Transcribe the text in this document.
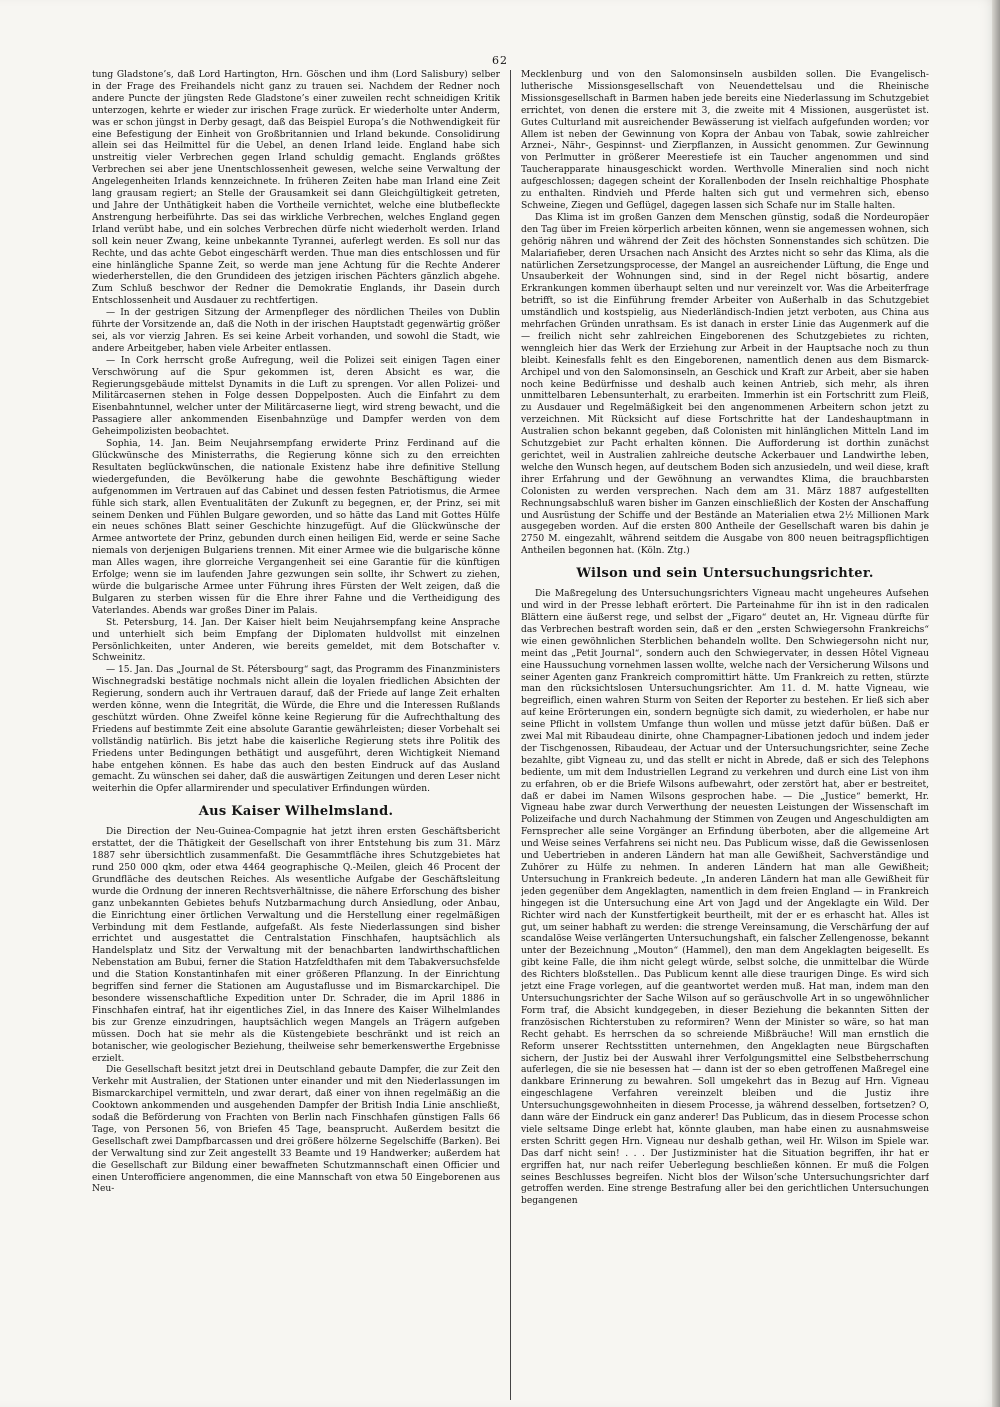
62

tung Gladstone’s, daß Lord Hartington, Hrn. Göschen und ihm (Lord Salisbury) selber in der Frage des Freihandels nicht ganz zu trauen sei. Nachdem der Redner noch andere Puncte der jüngsten Rede Gladstone’s einer zuweilen recht schneidigen Kritik unterzogen, kehrte er wieder zur irischen Frage zurück. Er wiederholte unter Anderm, was er schon jüngst in Derby gesagt, daß das Beispiel Europa’s die Nothwendigkeit für eine Befestigung der Einheit von Großbritannien und Irland bekunde. Consolidirung allein sei das Heilmittel für die Uebel, an denen Irland leide. England habe sich unstreitig vieler Verbrechen gegen Irland schuldig gemacht. Englands größtes Verbrechen sei aber jene Unentschlossenheit gewesen, welche seine Verwaltung der Angelegenheiten Irlands kennzeichnete. In früheren Zeiten habe man Irland eine Zeit lang grausam regiert; an Stelle der Grausamkeit sei dann Gleichgültigkeit getreten, und Jahre der Unthätigkeit haben die Vortheile vernichtet, welche eine blutbefleckte Anstrengung herbeiführte. Das sei das wirkliche Verbrechen, welches England gegen Irland verübt habe, und ein solches Verbrechen dürfe nicht wiederholt werden. Irland soll kein neuer Zwang, keine unbekannte Tyrannei, auferlegt werden. Es soll nur das Rechte, und das achte Gebot eingeschärft werden. Thue man dies entschlossen und für eine hinlängliche Spanne Zeit, so werde man jene Achtung für die Rechte Anderer wiederherstellen, die den Grundideen des jetzigen irischen Pächters gänzlich abgehe. Zum Schluß beschwor der Redner die Demokratie Englands, ihr Dasein durch Entschlossenheit und Ausdauer zu rechtfertigen.

— In der gestrigen Sitzung der Armenpfleger des nördlichen Theiles von Dublin führte der Vorsitzende an, daß die Noth in der irischen Hauptstadt gegenwärtig größer sei, als vor vierzig Jahren. Es sei keine Arbeit vorhanden, und sowohl die Stadt, wie andere Arbeitgeber, haben viele Arbeiter entlassen.

— In Cork herrscht große Aufregung, weil die Polizei seit einigen Tagen einer Verschwörung auf die Spur gekommen ist, deren Absicht es war, die Regierungsgebäude mittelst Dynamits in die Luft zu sprengen. Vor allen Polizei- und Militärcasernen stehen in Folge dessen Doppelposten. Auch die Einfahrt zu dem Eisenbahntunnel, welcher unter der Militärcaserne liegt, wird streng bewacht, und die Passagiere aller ankommenden Eisenbahnzüge und Dampfer werden von dem Geheimpolizisten beobachtet.

Sophia, 14. Jan. Beim Neujahrsempfang erwiderte Prinz Ferdinand auf die Glückwünsche des Ministerraths, die Regierung könne sich zu den erreichten Resultaten beglückwünschen, die nationale Existenz habe ihre definitive Stellung wiedergefunden, die Bevölkerung habe die gewohnte Beschäftigung wieder aufgenommen im Vertrauen auf das Cabinet und dessen festen Patriotismus, die Armee fühle sich stark, allen Eventualitäten der Zukunft zu begegnen, er, der Prinz, sei mit seinem Denken und Fühlen Bulgare geworden, und so hätte das Land mit Gottes Hülfe ein neues schönes Blatt seiner Geschichte hinzugefügt. Auf die Glückwünsche der Armee antwortete der Prinz, gebunden durch einen heiligen Eid, werde er seine Sache niemals von derjenigen Bulgariens trennen. Mit einer Armee wie die bulgarische könne man Alles wagen, ihre glorreiche Vergangenheit sei eine Garantie für die künftigen Erfolge; wenn sie im laufenden Jahre gezwungen sein sollte, ihr Schwert zu ziehen, würde die bulgarische Armee unter Führung ihres Fürsten der Welt zeigen, daß die Bulgaren zu sterben wissen für die Ehre ihrer Fahne und die Vertheidigung des Vaterlandes. Abends war großes Diner im Palais.

St. Petersburg, 14. Jan. Der Kaiser hielt beim Neujahrsempfang keine Ansprache und unterhielt sich beim Empfang der Diplomaten huldvollst mit einzelnen Persönlichkeiten, unter Anderen, wie bereits gemeldet, mit dem Botschafter v. Schweinitz.

— 15. Jan. Das „Journal de St. Pétersbourg“ sagt, das Programm des Finanzministers Wischnegradski bestätige nochmals nicht allein die loyalen friedlichen Absichten der Regierung, sondern auch ihr Vertrauen darauf, daß der Friede auf lange Zeit erhalten werden könne, wenn die Integrität, die Würde, die Ehre und die Interessen Rußlands geschützt würden. Ohne Zweifel könne keine Regierung für die Aufrechthaltung des Friedens auf bestimmte Zeit eine absolute Garantie gewährleisten; dieser Vorbehalt sei vollständig natürlich. Bis jetzt habe die kaiserliche Regierung stets ihre Politik des Friedens unter Bedingungen bethätigt und ausgeführt, deren Wichtigkeit Niemand habe entgehen können. Es habe das auch den besten Eindruck auf das Ausland gemacht. Zu wünschen sei daher, daß die auswärtigen Zeitungen und deren Leser nicht weiterhin die Opfer allarmirender und speculativer Erfindungen würden.

Aus Kaiser Wilhelmsland.

Die Direction der Neu-Guinea-Compagnie hat jetzt ihren ersten Geschäftsbericht erstattet, der die Thätigkeit der Gesellschaft von ihrer Entstehung bis zum 31. März 1887 sehr übersichtlich zusammenfaßt. Die Gesammtfläche ihres Schutzgebietes hat rund 250 000 qkm, oder etwa 4464 geographische Q.-Meilen, gleich 46 Procent der Grundfläche des deutschen Reiches. Als wesentliche Aufgabe der Geschäftsleitung wurde die Ordnung der inneren Rechtsverhältnisse, die nähere Erforschung des bisher ganz unbekannten Gebietes behufs Nutzbarmachung durch Ansiedlung, oder Anbau, die Einrichtung einer örtlichen Verwaltung und die Herstellung einer regelmäßigen Verbindung mit dem Festlande, aufgefaßt. Als feste Niederlassungen sind bisher errichtet und ausgestattet die Centralstation Finschhafen, hauptsächlich als Handelsplatz und Sitz der Verwaltung mit der benachbarten landwirthschaftlichen Nebenstation am Bubui, ferner die Station Hatzfeldthafen mit dem Tabakversuchsfelde und die Station Konstantinhafen mit einer größeren Pflanzung. In der Einrichtung begriffen sind ferner die Stationen am Augustaflusse und im Bismarckarchipel. Die besondere wissenschaftliche Expedition unter Dr. Schrader, die im April 1886 in Finschhafen eintraf, hat ihr eigentliches Ziel, in das Innere des Kaiser Wilhelmlandes bis zur Grenze einzudringen, hauptsächlich wegen Mangels an Trägern aufgeben müssen. Doch hat sie mehr als die Küstengebiete beschränkt und ist reich an botanischer, wie geologischer Beziehung, theilweise sehr bemerkenswerthe Ergebnisse erzielt.

Die Gesellschaft besitzt jetzt drei in Deutschland gebaute Dampfer, die zur Zeit den Verkehr mit Australien, der Stationen unter einander und mit den Niederlassungen im Bismarckarchipel vermitteln, und zwar derart, daß einer von ihnen regelmäßig an die Cooktown ankommenden und ausgehenden Dampfer der British India Linie anschließt, sodaß die Beförderung von Frachten von Berlin nach Finschhafen günstigen Falls 66 Tage, von Personen 56, von Briefen 45 Tage, beansprucht. Außerdem besitzt die Gesellschaft zwei Dampfbarcassen und drei größere hölzerne Segelschiffe (Barken). Bei der Verwaltung sind zur Zeit angestellt 33 Beamte und 19 Handwerker; außerdem hat die Gesellschaft zur Bildung einer bewaffneten Schutzmannschaft einen Officier und einen Unterofficiere angenommen, die eine Mannschaft von etwa 50 Eingeborenen aus Neu-

Mecklenburg und von den Salomonsinseln ausbilden sollen. Die Evangelisch-lutherische Missionsgesellschaft von Neuendettelsau und die Rheinische Missionsgesellschaft in Barmen haben jede bereits eine Niederlassung im Schutzgebiet errichtet, von denen die erstere mit 3, die zweite mit 4 Missionen, ausgerüstet ist. Gutes Culturland mit ausreichender Bewässerung ist vielfach aufgefunden worden; vor Allem ist neben der Gewinnung von Kopra der Anbau von Tabak, sowie zahlreicher Arznei-, Nähr-, Gespinnst- und Zierpflanzen, in Aussicht genommen. Zur Gewinnung von Perlmutter in größerer Meerestiefe ist ein Taucher angenommen und sind Taucherapparate hinausgeschickt worden. Werthvolle Mineralien sind noch nicht aufgeschlossen; dagegen scheint der Korallenboden der Inseln reichhaltige Phosphate zu enthalten. Rindvieh und Pferde halten sich gut und vermehren sich, ebenso Schweine, Ziegen und Geflügel, dagegen lassen sich Schafe nur im Stalle halten.

Das Klima ist im großen Ganzen dem Menschen günstig, sodaß die Nordeuropäer den Tag über im Freien körperlich arbeiten können, wenn sie angemessen wohnen, sich gehörig nähren und während der Zeit des höchsten Sonnenstandes sich schützen. Die Malariafieber, deren Ursachen nach Ansicht des Arztes nicht so sehr das Klima, als die natürlichen Zersetzungsprocesse, der Mangel an ausreichender Lüftung, die Enge und Unsauberkeit der Wohnungen sind, sind in der Regel nicht bösartig, andere Erkrankungen kommen überhaupt selten und nur vereinzelt vor. Was die Arbeiterfrage betrifft, so ist die Einführung fremder Arbeiter von Außerhalb in das Schutzgebiet umständlich und kostspielig, aus Niederländisch-Indien jetzt verboten, aus China aus mehrfachen Gründen unrathsam. Es ist danach in erster Linie das Augenmerk auf die — freilich nicht sehr zahlreichen Eingeborenen des Schutzgebietes zu richten, wenngleich hier das Werk der Erziehung zur Arbeit in der Hauptsache noch zu thun bleibt. Keinesfalls fehlt es den Eingeborenen, namentlich denen aus dem Bismarck-Archipel und von den Salomonsinseln, an Geschick und Kraft zur Arbeit, aber sie haben noch keine Bedürfnisse und deshalb auch keinen Antrieb, sich mehr, als ihren unmittelbaren Lebensunterhalt, zu erarbeiten. Immerhin ist ein Fortschritt zum Fleiß, zu Ausdauer und Regelmäßigkeit bei den angenommenen Arbeitern schon jetzt zu verzeichnen. Mit Rücksicht auf diese Fortschritte hat der Landeshauptmann in Australien schon bekannt gegeben, daß Colonisten mit hinlänglichen Mitteln Land im Schutzgebiet zur Pacht erhalten können. Die Aufforderung ist dorthin zunächst gerichtet, weil in Australien zahlreiche deutsche Ackerbauer und Landwirthe leben, welche den Wunsch hegen, auf deutschem Boden sich anzusiedeln, und weil diese, kraft ihrer Erfahrung und der Gewöhnung an verwandtes Klima, die brauchbarsten Colonisten zu werden versprechen. Nach dem am 31. März 1887 aufgestellten Rechnungsabschluß waren bisher im Ganzen einschließlich der Kosten der Anschaffung und Ausrüstung der Schiffe und der Bestände an Materialien etwa 2½ Millionen Mark ausgegeben worden. Auf die ersten 800 Antheile der Gesellschaft waren bis dahin je 2750 M. eingezahlt, während seitdem die Ausgabe von 800 neuen beitragspflichtigen Antheilen begonnen hat. (Köln. Ztg.)

Wilson und sein Untersuchungsrichter.

Die Maßregelung des Untersuchungsrichters Vigneau macht ungeheures Aufsehen und wird in der Presse lebhaft erörtert. Die Parteinahme für ihn ist in den radicalen Blättern eine äußerst rege, und selbst der „Figaro“ deutet an, Hr. Vigneau dürfte für das Verbrechen bestraft worden sein, daß er den „ersten Schwiegersohn Frankreichs“ wie einen gewöhnlichen Sterblichen behandeln wollte. Den Schwiegersohn nicht nur, meint das „Petit Journal“, sondern auch den Schwiegervater, in dessen Hôtel Vigneau eine Haussuchung vornehmen lassen wollte, welche nach der Versicherung Wilsons und seiner Agenten ganz Frankreich compromittirt hätte. Um Frankreich zu retten, stürzte man den rücksichtslosen Untersuchungsrichter. Am 11. d. M. hatte Vigneau, wie begreiflich, einen wahren Sturm von Seiten der Reporter zu bestehen. Er ließ sich aber auf keine Erörterungen ein, sondern begnügte sich damit, zu wiederholen, er habe nur seine Pflicht in vollstem Umfange thun wollen und müsse jetzt dafür büßen. Daß er zwei Mal mit Ribaudeau dinirte, ohne Champagner-Libationen jedoch und indem jeder der Tischgenossen, Ribaudeau, der Actuar und der Untersuchungsrichter, seine Zeche bezahlte, gibt Vigneau zu, und das stellt er nicht in Abrede, daß er sich des Telephons bediente, um mit dem Industriellen Legrand zu verkehren und durch eine List von ihm zu erfahren, ob er die Briefe Wilsons aufbewahrt, oder zerstört hat, aber er bestreitet, daß er dabei im Namen Wilsons gesprochen habe. — Die „Justice“ bemerkt, Hr. Vigneau habe zwar durch Verwerthung der neuesten Leistungen der Wissenschaft im Polizeifache und durch Nachahmung der Stimmen von Zeugen und Angeschuldigten am Fernsprecher alle seine Vorgänger an Erfindung überboten, aber die allgemeine Art und Weise seines Verfahrens sei nicht neu. Das Publicum wisse, daß die Gewissenlosen und Uebertrieben in anderen Ländern hat man alle Gewißheit, Sachverständige und Zuhörer zu Hülfe zu nehmen. In anderen Ländern hat man alle Gewißheit; Untersuchung in Frankreich bedeute. „In anderen Ländern hat man alle Gewißheit für jeden gegenüber dem Angeklagten, namentlich in dem freien England — in Frankreich hingegen ist die Untersuchung eine Art von Jagd und der Angeklagte ein Wild. Der Richter wird nach der Kunstfertigkeit beurtheilt, mit der er es erhascht hat. Alles ist gut, um seiner habhaft zu werden: die strenge Vereinsamung, die Verschärfung der auf scandalöse Weise verlängerten Untersuchungshaft, ein falscher Zellengenosse, bekannt unter der Bezeichnung „Mouton“ (Hammel), den man dem Angeklagten beigesellt. Es gibt keine Falle, die ihm nicht gelegt würde, selbst solche, die unmittelbar die Würde des Richters bloßstellen.. Das Publicum kennt alle diese traurigen Dinge. Es wird sich jetzt eine Frage vorlegen, auf die geantwortet werden muß. Hat man, indem man den Untersuchungsrichter der Sache Wilson auf so geräuschvolle Art in so ungewöhnlicher Form traf, die Absicht kundgegeben, in dieser Beziehung die bekannten Sitten der französischen Richterstuben zu reformiren? Wenn der Minister so wäre, so hat man Recht gehabt. Es herrschen da so schreiende Mißbräuche! Will man ernstlich die Reform unserer Rechtsstitten unternehmen, den Angeklagten neue Bürgschaften sichern, der Justiz bei der Auswahl ihrer Verfolgungsmittel eine Selbstbeherrschung auferlegen, die sie nie besessen hat — dann ist der so eben getroffenen Maßregel eine dankbare Erinnerung zu bewahren. Soll umgekehrt das in Bezug auf Hrn. Vigneau eingeschlagene Verfahren vereinzelt bleiben und die Justiz ihre Untersuchungsgewohnheiten in diesem Processe, ja während desselben, fortsetzen? O, dann wäre der Eindruck ein ganz anderer! Das Publicum, das in diesem Processe schon viele seltsame Dinge erlebt hat, könnte glauben, man habe einen zu ausnahmsweise ersten Schritt gegen Hrn. Vigneau nur deshalb gethan, weil Hr. Wilson im Spiele war. Das darf nicht sein! . . . Der Justizminister hat die Situation begriffen, ihr hat er ergriffen hat, nur nach reifer Ueberlegung beschließen können. Er muß die Folgen seines Beschlusses begreifen. Nicht blos der Wilson’sche Untersuchungsrichter darf getroffen werden. Eine strenge Bestrafung aller bei den gerichtlichen Untersuchungen begangenen
